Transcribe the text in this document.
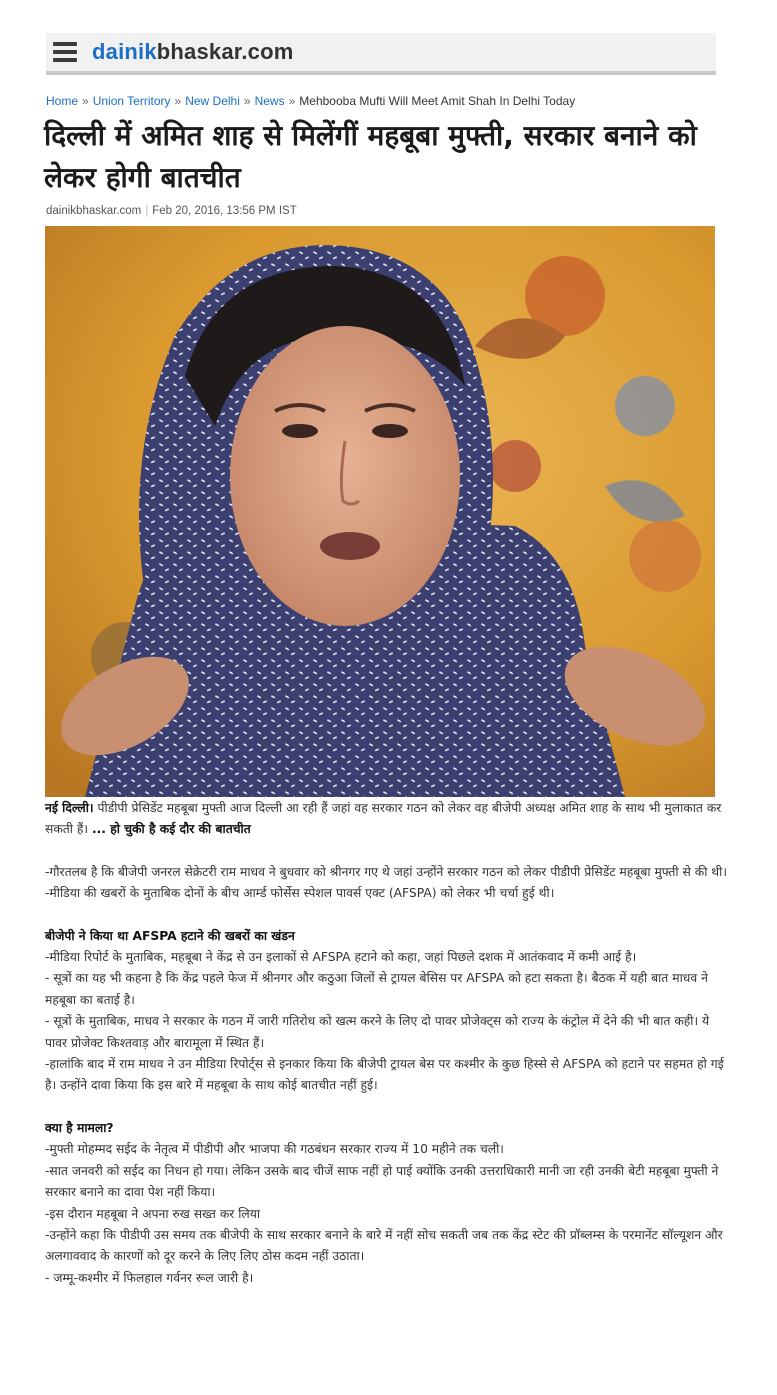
dainikbhaskar.com
Home » Union Territory » New Delhi » News » Mehbooba Mufti Will Meet Amit Shah In Delhi Today
दिल्ली में अमित शाह से मिलेंगीं महबूबा मुफ्ती, सरकार बनाने को लेकर होगी बातचीत
dainikbhaskar.com | Feb 20, 2016, 13:56 PM IST

नई दिल्ली। पीडीपी प्रेसिडेंट महबूबा मुफ्ती आज दिल्ली आ रही हैं जहां वह सरकार गठन को लेकर वह बीजेपी अध्यक्ष अमित शाह के साथ भी मुलाकात कर सकती हैं। ... हो चुकी है कई दौर की बातचीत

-गौरतलब है कि बीजेपी जनरल सेक्रेटरी राम माधव ने बुधवार को श्रीनगर गए थे जहां उन्होंने सरकार गठन को लेकर पीडीपी प्रेसिडेंट महबूबा मुफ्ती से की थी।

-मीडिया की खबरों के मुताबिक दोनों के बीच आर्म्ड फोर्सेस स्पेशल पावर्स एक्ट (AFSPA) को लेकर भी चर्चा हुई थी।

बीजेपी ने किया था AFSPA हटाने की खबरों का खंडन

-मीडिया रिपोर्ट के मुताबिक, महबूबा ने केंद्र से उन इलाकों से AFSPA हटाने को कहा, जहां पिछले दशक में आतंकवाद में कमी आई है।

- सूत्रों का यह भी कहना है कि केंद्र पहले फेज में श्रीनगर और कठुआ जिलों से ट्रायल बेसिस पर AFSPA को हटा सकता है। बैठक में यही बात माधव ने महबूबा का बताई है।

- सूत्रों के मुताबिक, माधव ने सरकार के गठन में जारी गतिरोध को खत्म करने के लिए दो पावर प्रोजेक्ट्स को राज्य के कंट्रोल में देने की भी बात कही। ये पावर प्रोजेक्ट किश्तवाड़ और बारामूला में स्थित हैं।

-हालांकि बाद में राम माधव ने उन मीडिया रिपोर्ट्स से इनकार किया कि बीजेपी ट्रायल बेस पर कश्मीर के कुछ हिस्से से AFSPA को हटाने पर सहमत हो गई है। उन्होंने दावा किया कि इस बारे में महबूबा के साथ कोई बातचीत नहीं हुई।

क्या है मामला?

-मुफ्ती मोहम्मद सईद के नेतृत्व में पीडीपी और भाजपा की गठबंधन सरकार राज्य में 10 महीने तक चली।

-सात जनवरी को सईद का निधन हो गया। लेकिन उसके बाद चीजें साफ नहीं हो पाई क्योंकि उनकी उत्तराधिकारी मानी जा रही उनकी बेटी महबूबा मुफ्ती ने सरकार बनाने का दावा पेश नहीं किया।

-इस दौरान महबूबा ने अपना रुख सख्त कर लिया

-उन्होंने कहा कि पीडीपी उस समय तक बीजेपी के साथ सरकार बनाने के बारे में नहीं सोच सकती जब तक केंद्र स्टेट की प्रॉब्लम्स के परमानेंट सॉल्यूशन और अलगाववाद के कारणों को दूर करने के लिए लिए ठोस कदम नहीं उठाता।

- जम्मू-कश्मीर में फिलहाल गर्वनर रूल जारी है।
